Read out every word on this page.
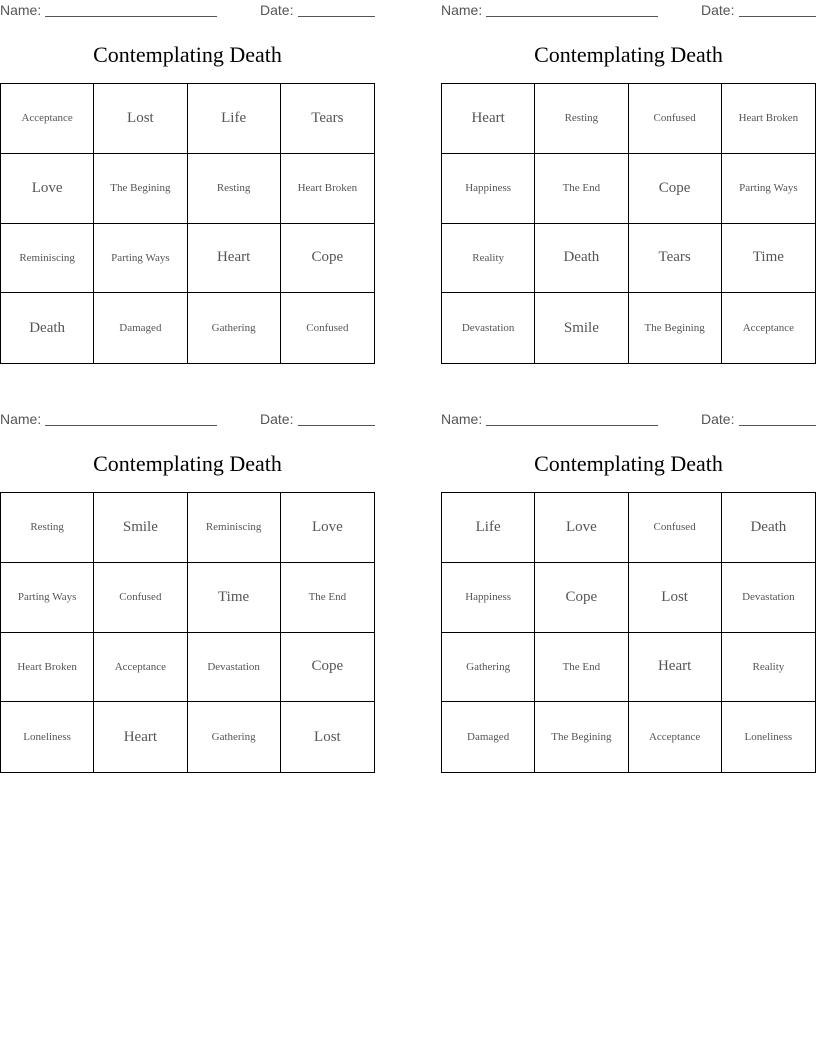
Name:	Date:
Contemplating Death
Acceptance	Lost	Life	Tears
Love	The Begining	Resting	Heart Broken
Reminiscing	Parting Ways	Heart	Cope
Death	Damaged	Gathering	Confused
Name:	Date:
Contemplating Death
Heart	Resting	Confused	Heart Broken
Happiness	The End	Cope	Parting Ways
Reality	Death	Tears	Time
Devastation	Smile	The Begining	Acceptance
Name:	Date:
Contemplating Death
Resting	Smile	Reminiscing	Love
Parting Ways	Confused	Time	The End
Heart Broken	Acceptance	Devastation	Cope
Loneliness	Heart	Gathering	Lost
Name:	Date:
Contemplating Death
Life	Love	Confused	Death
Happiness	Cope	Lost	Devastation
Gathering	The End	Heart	Reality
Damaged	The Begining	Acceptance	Loneliness
